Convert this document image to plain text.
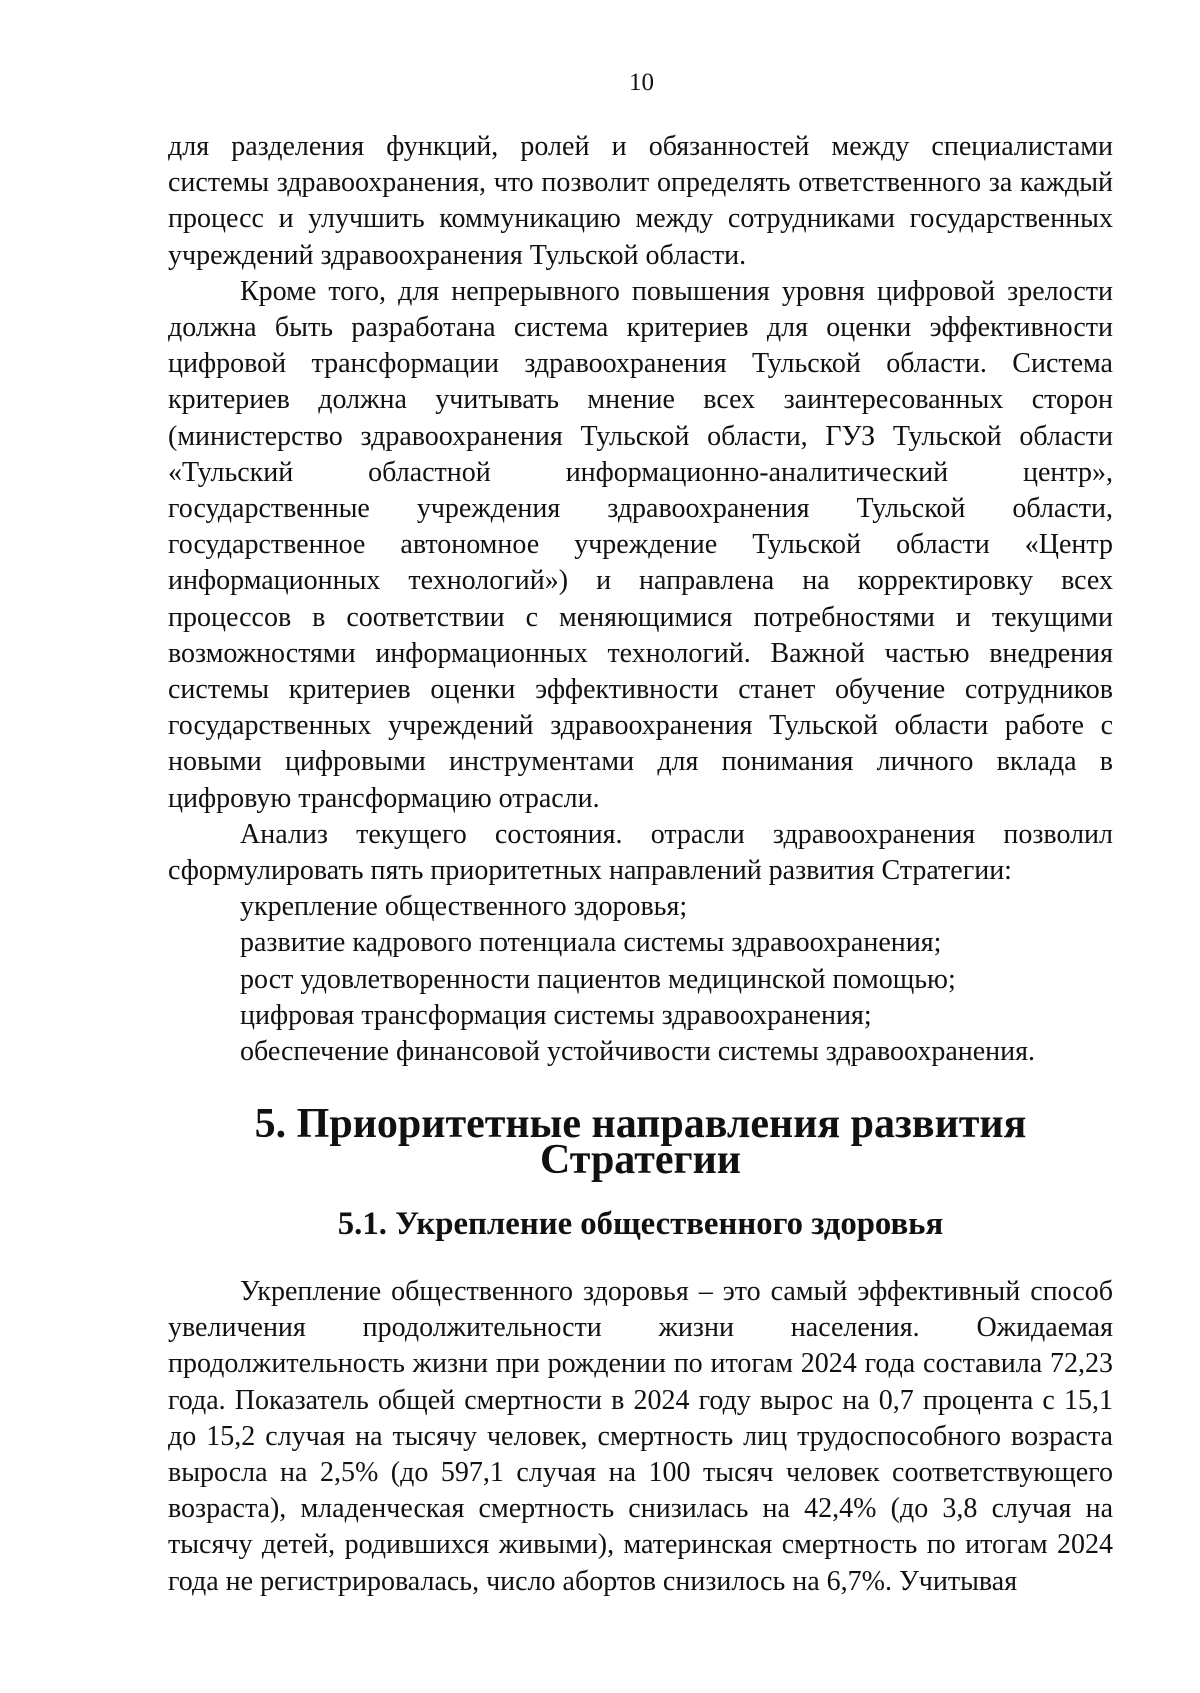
10

для разделения функций, ролей и обязанностей между специалистами системы здравоохранения, что позволит определять ответственного за каждый процесс и улучшить коммуникацию между сотрудниками государственных учреждений здравоохранения Тульской области.

Кроме того, для непрерывного повышения уровня цифровой зрелости должна быть разработана система критериев для оценки эффективности цифровой трансформации здравоохранения Тульской области. Система критериев должна учитывать мнение всех заинтересованных сторон (министерство здравоохранения Тульской области, ГУЗ Тульской области «Тульский областной информационно-аналитический центр», государственные учреждения здравоохранения Тульской области, государственное автономное учреждение Тульской области «Центр информационных технологий») и направлена на корректировку всех процессов в соответствии с меняющимися потребностями и текущими возможностями информационных технологий. Важной частью внедрения системы критериев оценки эффективности станет обучение сотрудников государственных учреждений здравоохранения Тульской области работе с новыми цифровыми инструментами для понимания личного вклада в цифровую трансформацию отрасли.

Анализ текущего состояния. отрасли здравоохранения позволил сформулировать пять приоритетных направлений развития Стратегии:

укрепление общественного здоровья;

развитие кадрового потенциала системы здравоохранения;

рост удовлетворенности пациентов медицинской помощью;

цифровая трансформация системы здравоохранения;

обеспечение финансовой устойчивости системы здравоохранения.

5. Приоритетные направления развития Стратегии
5.1. Укрепление общественного здоровья

Укрепление общественного здоровья – это самый эффективный способ увеличения продолжительности жизни населения. Ожидаемая продолжительность жизни при рождении по итогам 2024 года составила 72,23 года. Показатель общей смертности в 2024 году вырос на 0,7 процента с 15,1 до 15,2 случая на тысячу человек, смертность лиц трудоспособного возраста выросла на 2,5% (до 597,1 случая на 100 тысяч человек соответствующего возраста), младенческая смертность снизилась на 42,4% (до 3,8 случая на тысячу детей, родившихся живыми), материнская смертность по итогам 2024 года не регистрировалась, число абортов снизилось на 6,7%. Учитывая
